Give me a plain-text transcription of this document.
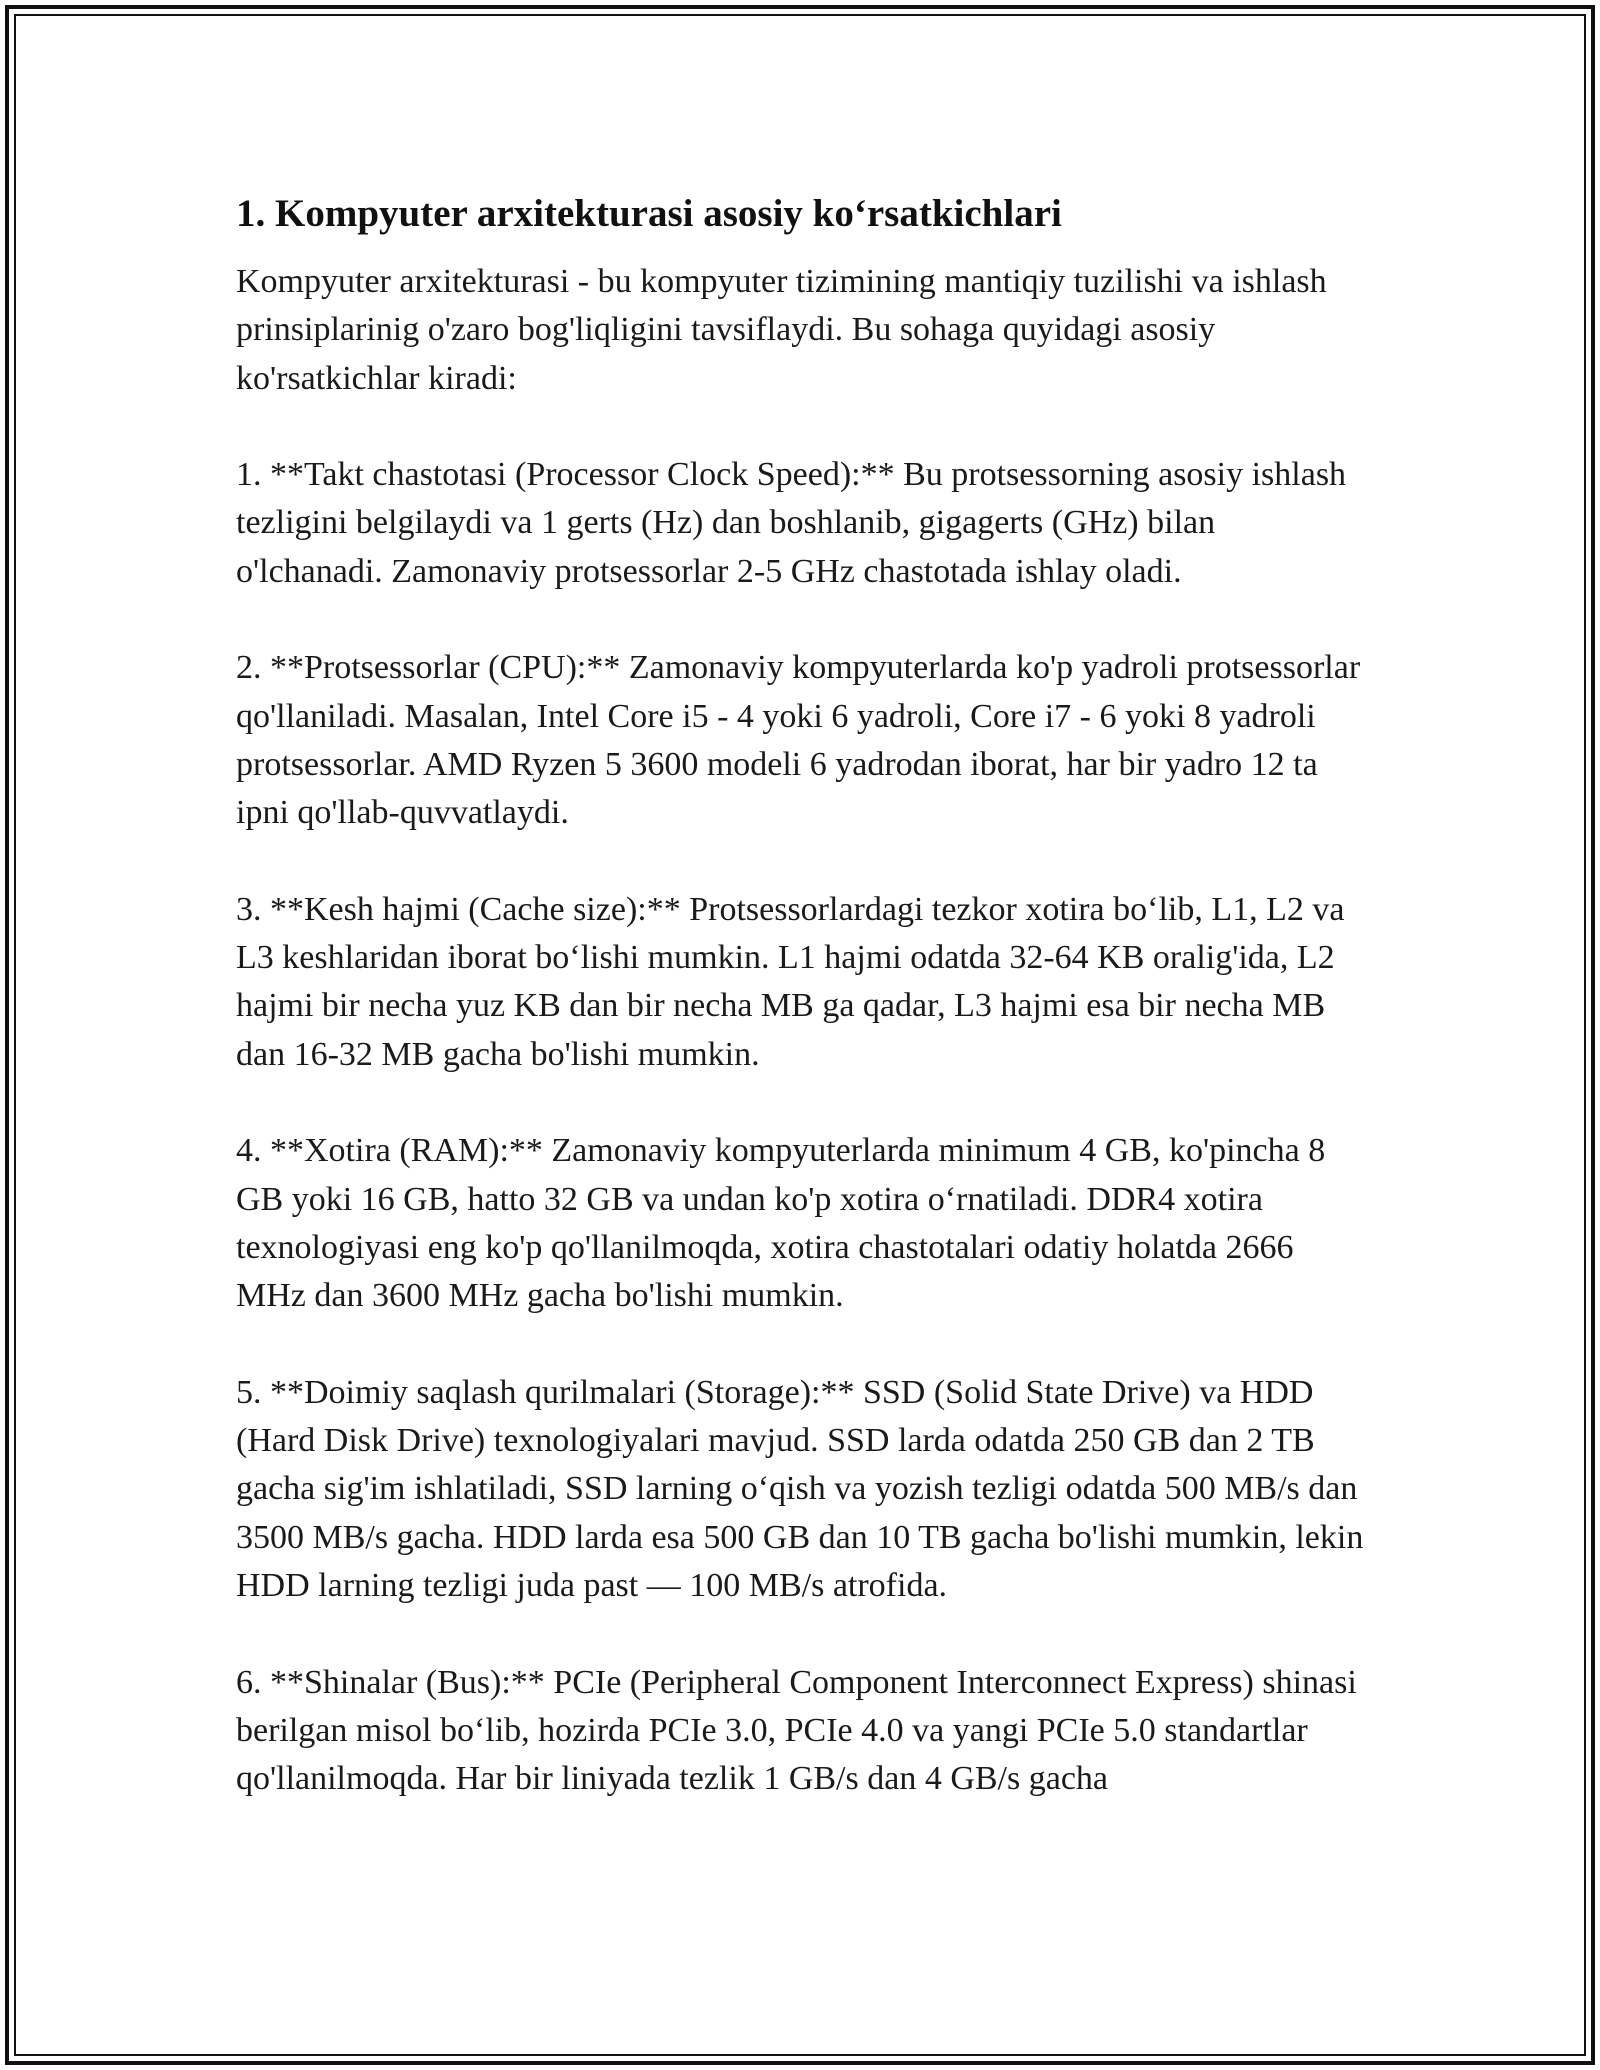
1. Kompyuter arxitekturasi asosiy ko‘rsatkichlari

Kompyuter arxitekturasi - bu kompyuter tizimining mantiqiy tuzilishi va ishlash prinsiplarinig o'zaro bog'liqligini tavsiflaydi. Bu sohaga quyidagi asosiy ko'rsatkichlar kiradi:

1. **Takt chastotasi (Processor Clock Speed):** Bu protsessorning asosiy ishlash tezligini belgilaydi va 1 gerts (Hz) dan boshlanib, gigagerts (GHz) bilan o'lchanadi. Zamonaviy protsessorlar 2-5 GHz chastotada ishlay oladi.

2. **Protsessorlar (CPU):** Zamonaviy kompyuterlarda ko'p yadroli protsessorlar qo'llaniladi. Masalan, Intel Core i5 - 4 yoki 6 yadroli, Core i7 - 6 yoki 8 yadroli protsessorlar. AMD Ryzen 5 3600 modeli 6 yadrodan iborat, har bir yadro 12 ta ipni qo'llab-quvvatlaydi.

3. **Kesh hajmi (Cache size):** Protsessorlardagi tezkor xotira bo‘lib, L1, L2 va L3 keshlaridan iborat bo‘lishi mumkin. L1 hajmi odatda 32-64 KB oralig'ida, L2 hajmi bir necha yuz KB dan bir necha MB ga qadar, L3 hajmi esa bir necha MB dan 16-32 MB gacha bo'lishi mumkin.

4. **Xotira (RAM):** Zamonaviy kompyuterlarda minimum 4 GB, ko'pincha 8 GB yoki 16 GB, hatto 32 GB va undan ko'p xotira o‘rnatiladi. DDR4 xotira texnologiyasi eng ko'p qo'llanilmoqda, xotira chastotalari odatiy holatda 2666 MHz dan 3600 MHz gacha bo'lishi mumkin.

5. **Doimiy saqlash qurilmalari (Storage):** SSD (Solid State Drive) va HDD (Hard Disk Drive) texnologiyalari mavjud. SSD larda odatda 250 GB dan 2 TB gacha sig'im ishlatiladi, SSD larning o‘qish va yozish tezligi odatda 500 MB/s dan 3500 MB/s gacha. HDD larda esa 500 GB dan 10 TB gacha bo'lishi mumkin, lekin HDD larning tezligi juda past — 100 MB/s atrofida.

6. **Shinalar (Bus):** PCIe (Peripheral Component Interconnect Express) shinasi berilgan misol bo‘lib, hozirda PCIe 3.0, PCIe 4.0 va yangi PCIe 5.0 standartlar qo'llanilmoqda. Har bir liniyada tezlik 1 GB/s dan 4 GB/s gacha
